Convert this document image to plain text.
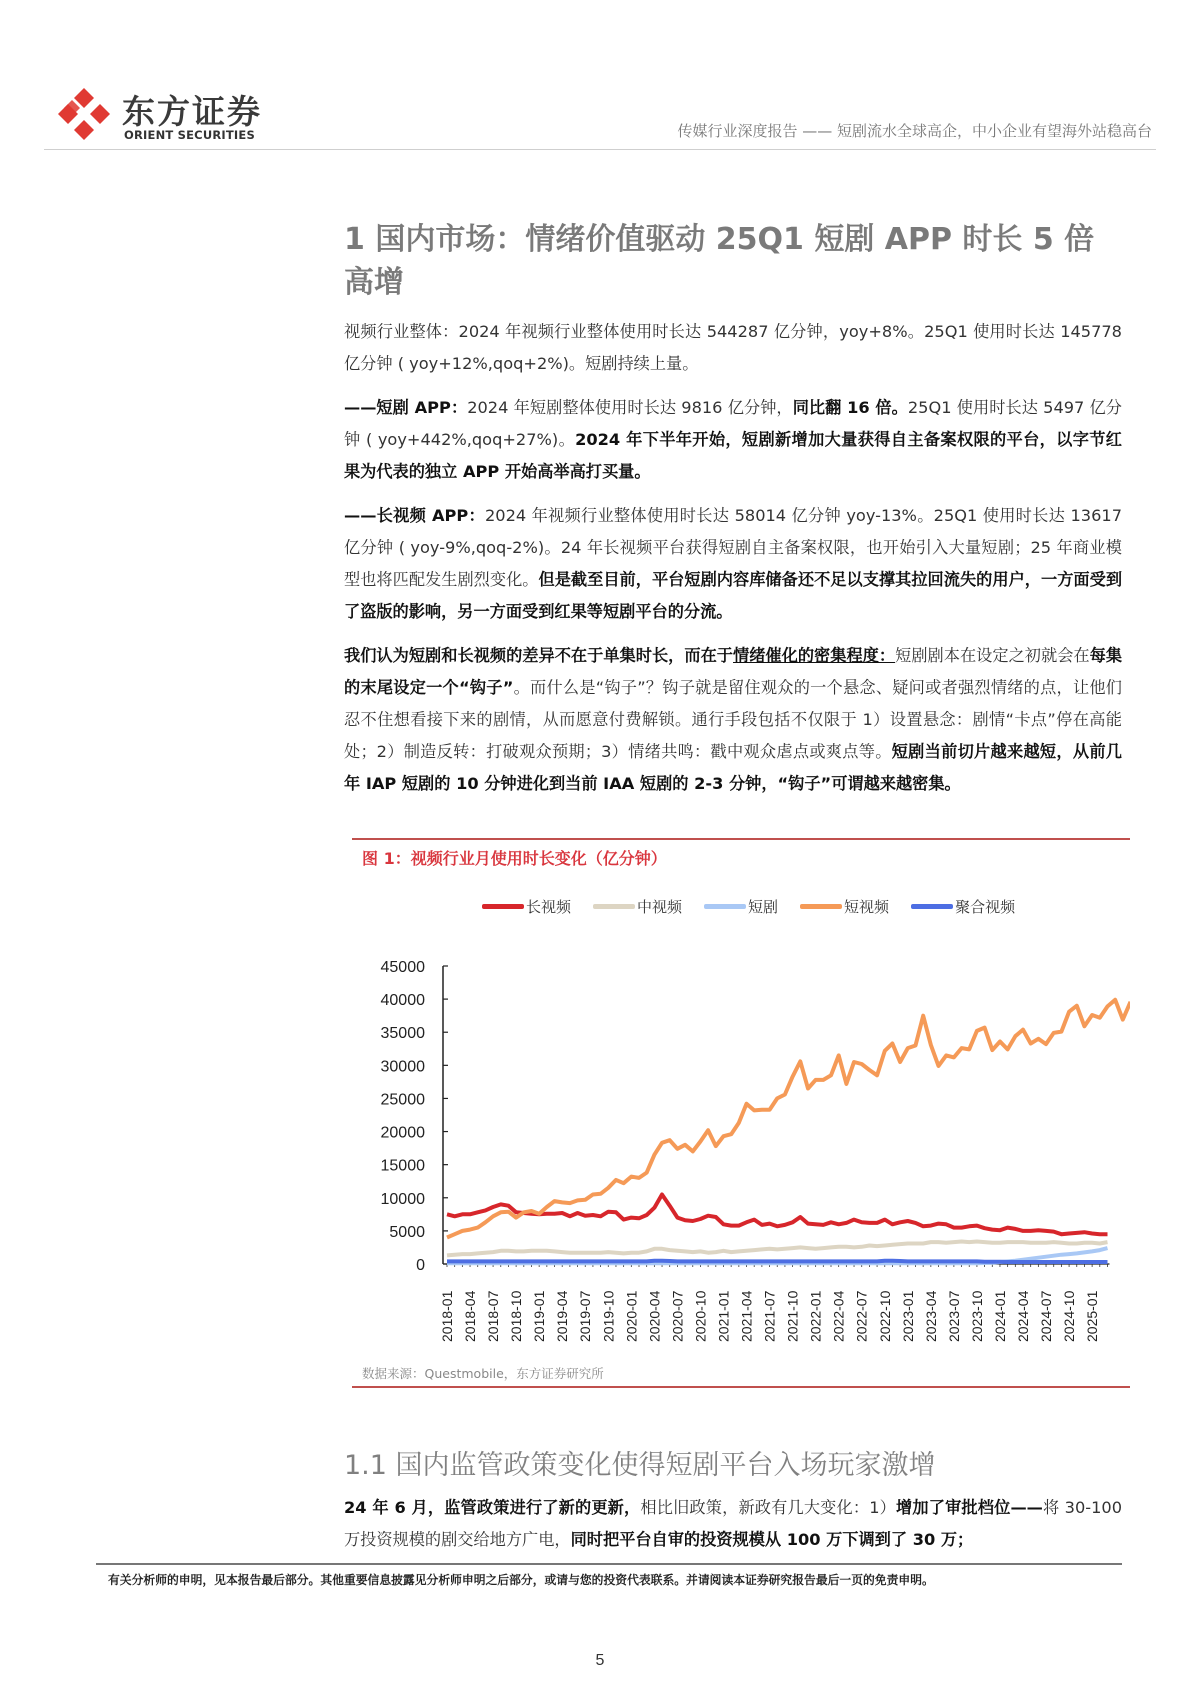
东方证券
ORIENT SECURITIES	传媒行业深度报告 —— 短剧流水全球高企，中小企业有望海外站稳高台
1 国内市场：情绪价值驱动 25Q1 短剧 APP 时长 5 倍高增

视频行业整体：2024 年视频行业整体使用时长达 544287 亿分钟，yoy+8%。25Q1 使用时长达 145778 亿分钟 ( yoy+12%,qoq+2%)。短剧持续上量。

——短剧 APP：2024 年短剧整体使用时长达 9816 亿分钟，同比翻 16 倍。25Q1 使用时长达 5497 亿分钟 ( yoy+442%,qoq+27%)。2024 年下半年开始，短剧新增加大量获得自主备案权限的平台，以字节红果为代表的独立 APP 开始高举高打买量。

——长视频 APP：2024 年视频行业整体使用时长达 58014 亿分钟 yoy-13%。25Q1 使用时长达 13617 亿分钟 ( yoy-9%,qoq-2%)。24 年长视频平台获得短剧自主备案权限，也开始引入大量短剧；25 年商业模型也将匹配发生剧烈变化。但是截至目前，平台短剧内容库储备还不足以支撑其拉回流失的用户，一方面受到了盗版的影响，另一方面受到红果等短剧平台的分流。

我们认为短剧和长视频的差异不在于单集时长，而在于情绪催化的密集程度：短剧剧本在设定之初就会在每集的末尾设定一个“钩子”。而什么是“钩子”？钩子就是留住观众的一个悬念、疑问或者强烈情绪的点，让他们忍不住想看接下来的剧情，从而愿意付费解锁。通行手段包括不仅限于 1）设置悬念：剧情“卡点”停在高能处；2）制造反转：打破观众预期；3）情绪共鸣：戳中观众虐点或爽点等。短剧当前切片越来越短，从前几年 IAP 短剧的 10 分钟进化到当前 IAA 短剧的 2-3 分钟，“钩子”可谓越来越密集。

图 1：视频行业月使用时长变化（亿分钟）
长视频	中视频	短剧	短视频	聚合视频
0
5000
10000
15000
20000
25000
30000
35000
40000
45000
2018-01 2018-04 2018-07 2018-10 2019-01 2019-04 2019-07 2019-10 2020-01 2020-04 2020-07 2020-10 2021-01 2021-04 2021-07 2021-10 2022-01 2022-04 2022-07 2022-10 2023-01 2023-04 2023-07 2023-10 2024-01 2024-04 2024-07 2024-10 2025-01
数据来源：Questmobile，东方证券研究所
1.1 国内监管政策变化使得短剧平台入场玩家激增

24 年 6 月，监管政策进行了新的更新，相比旧政策，新政有几大变化：1）增加了审批档位——将 30-100 万投资规模的剧交给地方广电，同时把平台自审的投资规模从 100 万下调到了 30 万；

有关分析师的申明，见本报告最后部分。其他重要信息披露见分析师申明之后部分，或请与您的投资代表联系。并请阅读本证券研究报告最后一页的免责申明。
5
